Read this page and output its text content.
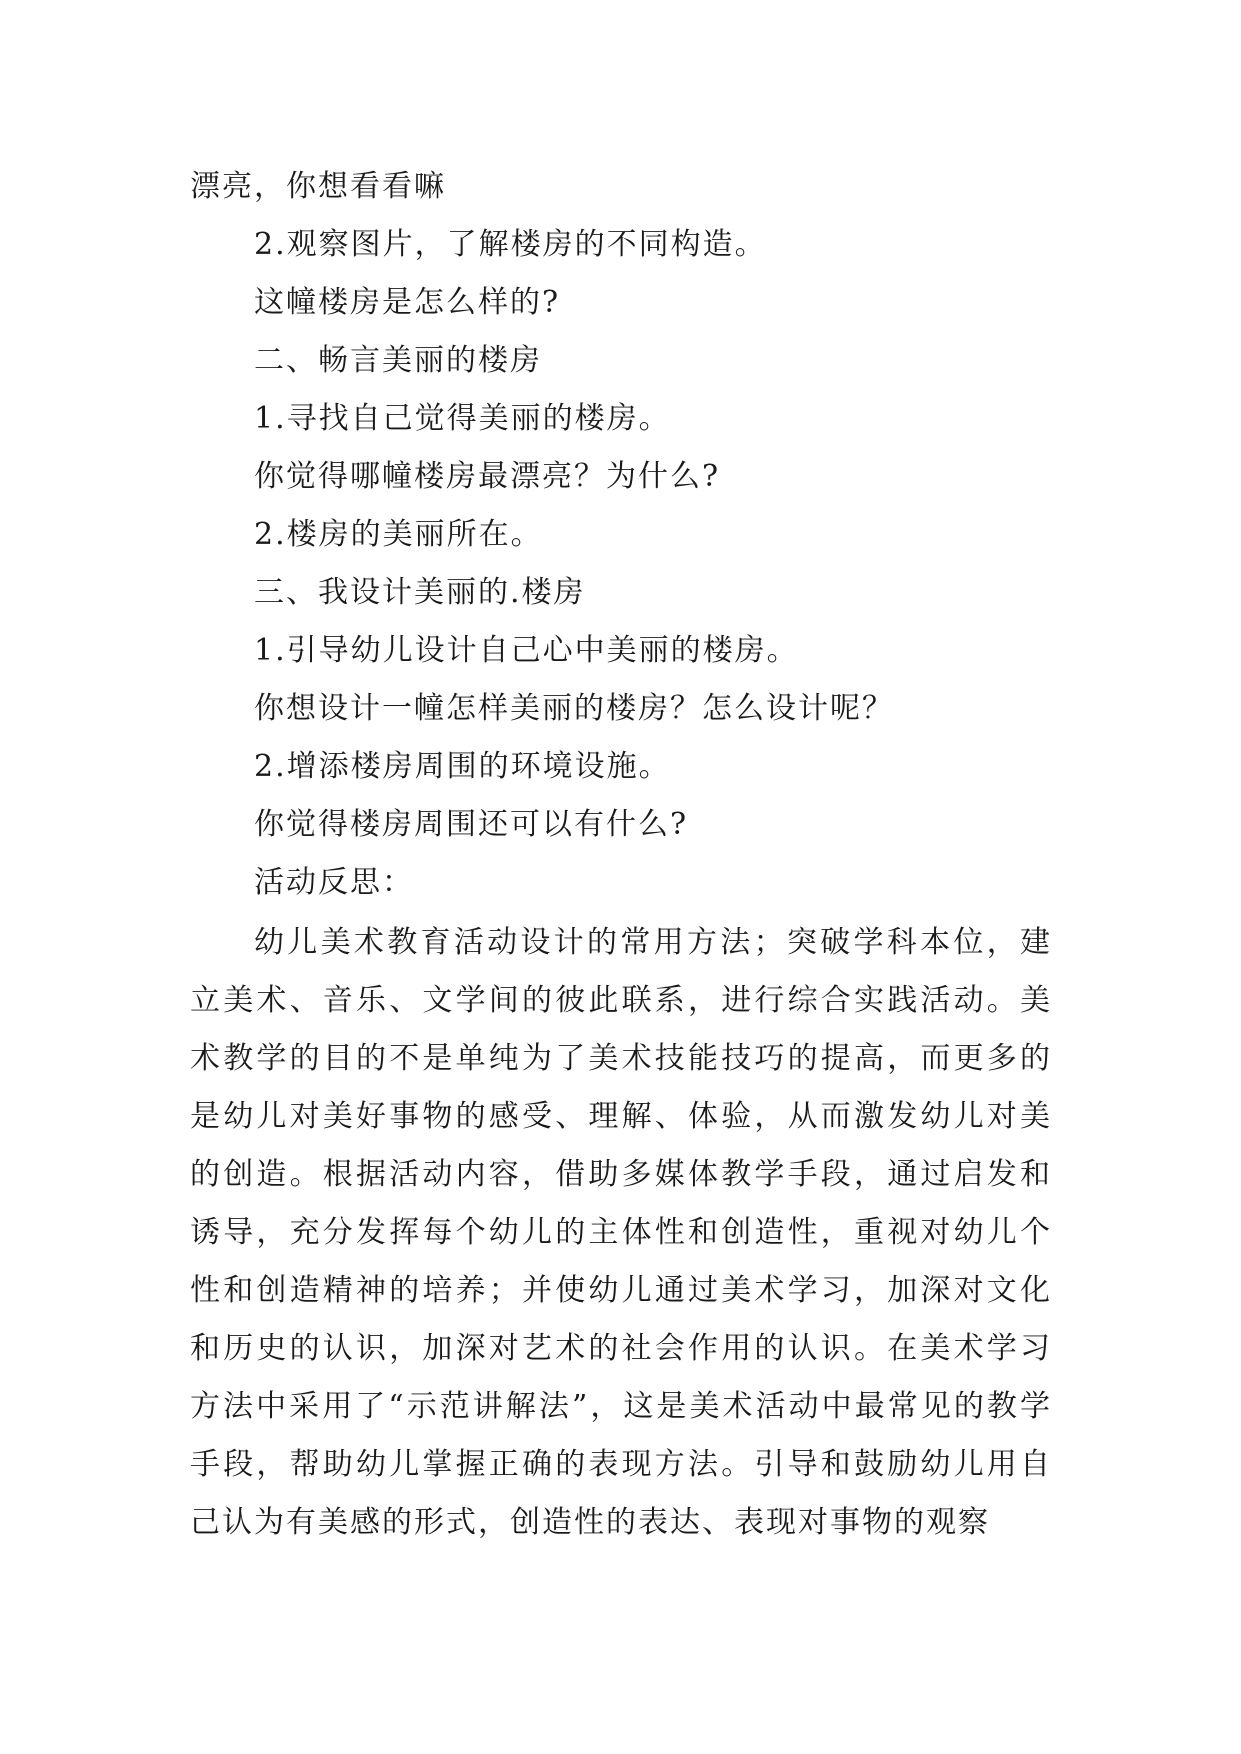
漂亮，你想看看嘛
2.观察图片，了解楼房的不同构造。
这幢楼房是怎么样的?
二、畅言美丽的楼房
1.寻找自己觉得美丽的楼房。
你觉得哪幢楼房最漂亮？为什么?
2.楼房的美丽所在。
三、我设计美丽的.楼房
1.引导幼儿设计自己心中美丽的楼房。
你想设计一幢怎样美丽的楼房？怎么设计呢？
2.增添楼房周围的环境设施。
你觉得楼房周围还可以有什么?
活动反思：
幼儿美术教育活动设计的常用方法；突破学科本位，建立美术、音乐、文学间的彼此联系，进行综合实践活动。美术教学的目的不是单纯为了美术技能技巧的提高，而更多的是幼儿对美好事物的感受、理解、体验，从而激发幼儿对美的创造。根据活动内容，借助多媒体教学手段，通过启发和诱导，充分发挥每个幼儿的主体性和创造性，重视对幼儿个性和创造精神的培养；并使幼儿通过美术学习，加深对文化和历史的认识，加深对艺术的社会作用的认识。在美术学习方法中采用了“示范讲解法”，这是美术活动中最常见的教学手段，帮助幼儿掌握正确的表现方法。引导和鼓励幼儿用自己认为有美感的形式，创造性的表达、表现对事物的观察
